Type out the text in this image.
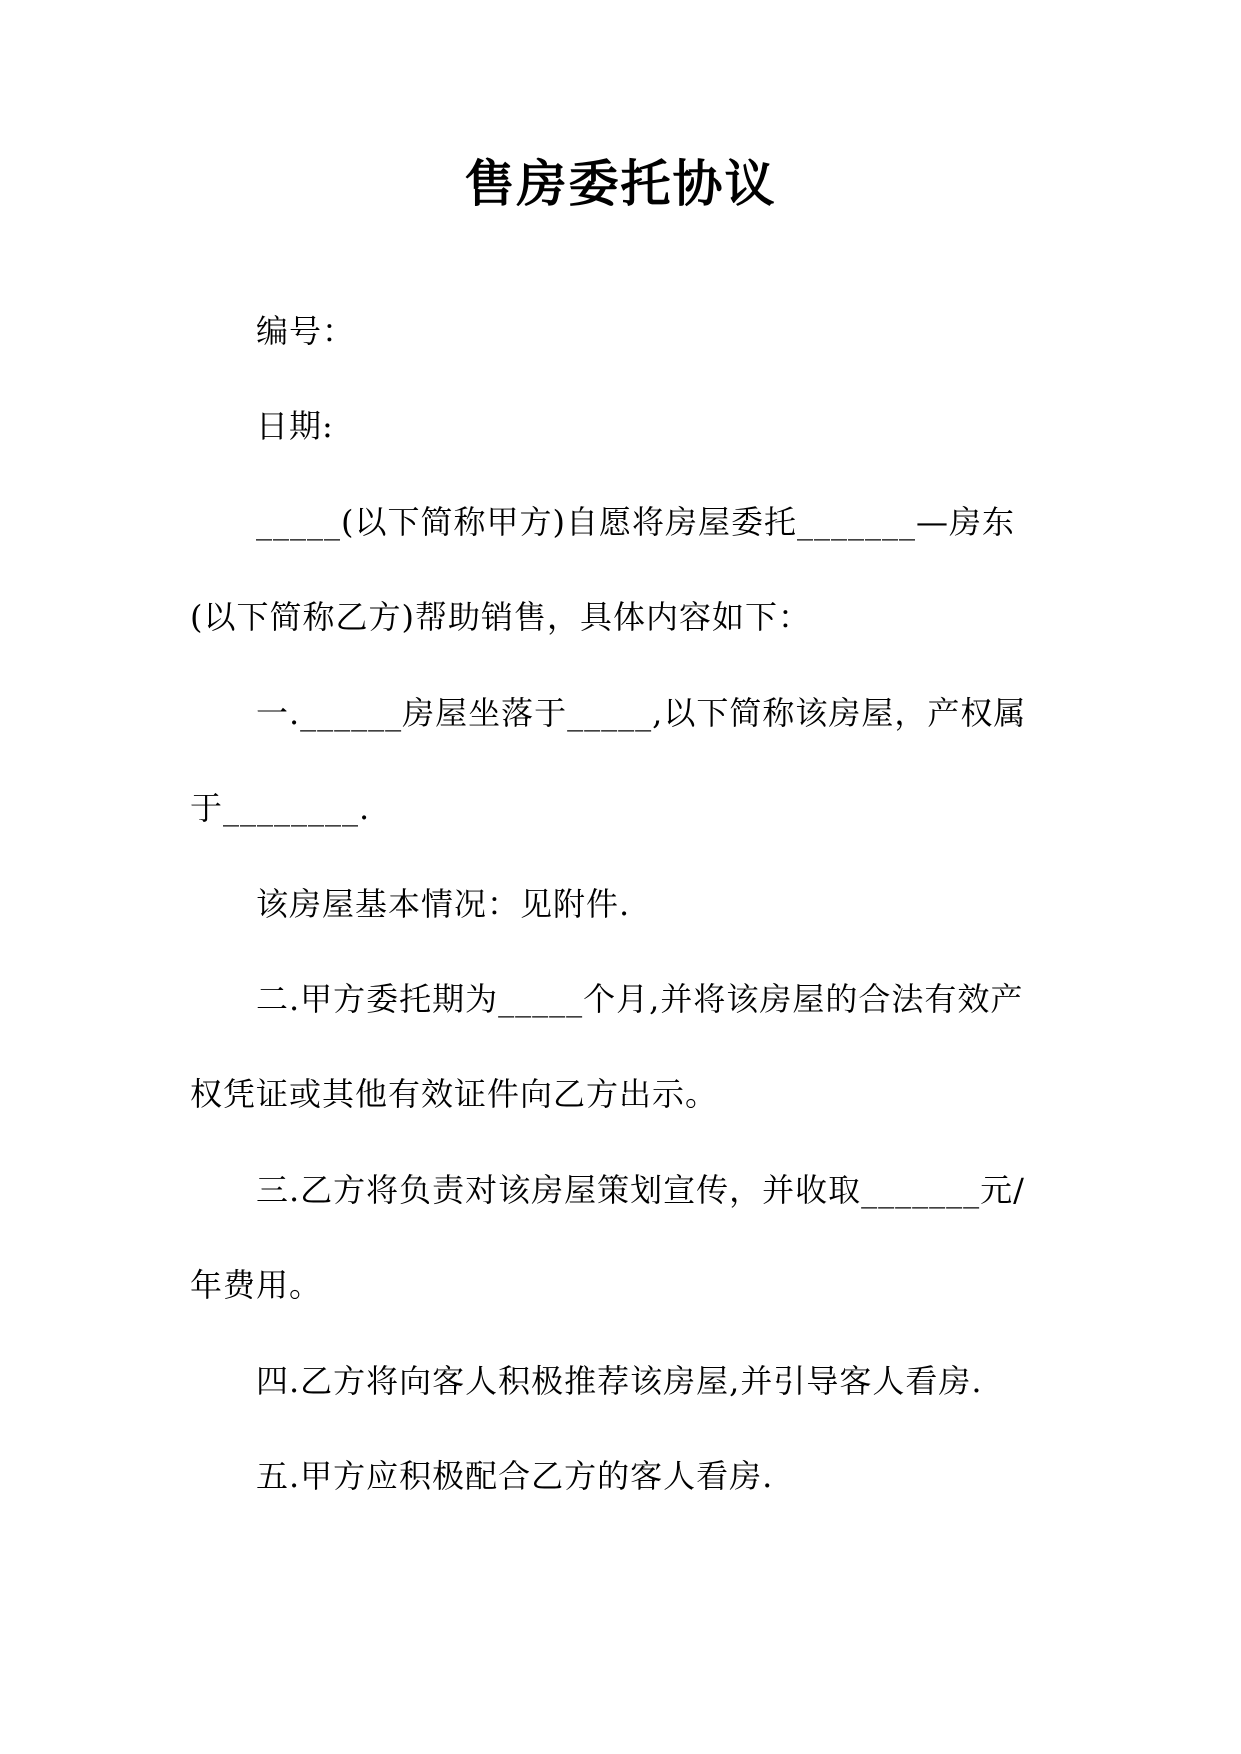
售房委托协议
编号：
日期:
_____(以下简称甲方)自愿将房屋委托_______—房东
(以下简称乙方)帮助销售，具体内容如下：
一.______房屋坐落于_____,以下简称该房屋，产权属
于________.
该房屋基本情况：见附件.
二.甲方委托期为_____个月,并将该房屋的合法有效产
权凭证或其他有效证件向乙方出示。
三.乙方将负责对该房屋策划宣传，并收取_______元/
年费用。
四.乙方将向客人积极推荐该房屋,并引导客人看房.
五.甲方应积极配合乙方的客人看房.
